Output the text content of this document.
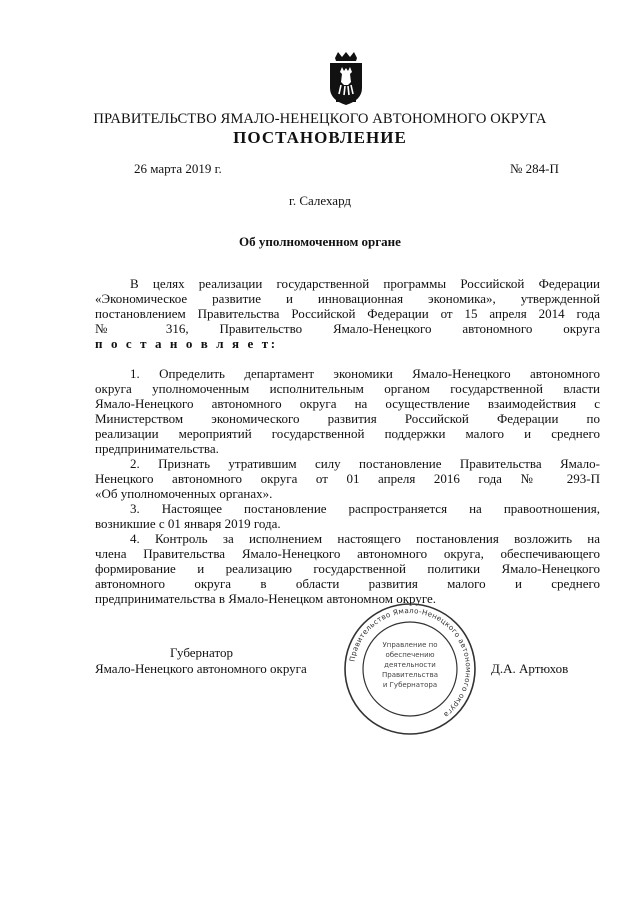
ПРАВИТЕЛЬСТВО ЯМАЛО-НЕНЕЦКОГО АВТОНОМНОГО ОКРУГА
ПОСТАНОВЛЕНИЕ
26 марта 2019 г.	№ 284-П
г. Салехард
Об уполномоченном органе
В целях реализации государственной программы Российской Федерации
«Экономическое развитие и инновационная экономика», утвержденной
постановлением Правительства Российской Федерации от 15 апреля 2014 года
№ 316, Правительство Ямало-Ненецкого автономного округа
п о с т а н о в л я е т:
1. Определить департамент экономики Ямало-Ненецкого автономного
округа уполномоченным исполнительным органом государственной власти
Ямало-Ненецкого автономного округа на осуществление взаимодействия с
Министерством экономического развития Российской Федерации по
реализации мероприятий государственной поддержки малого и среднего
предпринимательства.
2. Признать утратившим силу постановление Правительства Ямало-
Ненецкого автономного округа от 01 апреля 2016 года № 293-П
«Об уполномоченных органах».
3. Настоящее постановление распространяется на правоотношения,
возникшие с 01 января 2019 года.
4. Контроль за исполнением настоящего постановления возложить на
члена Правительства Ямало-Ненецкого автономного округа, обеспечивающего
формирование и реализацию государственной политики Ямало-Ненецкого
автономного округа в области развития малого и среднего
предпринимательства в Ямало-Ненецком автономном округе.
Губернатор
Ямало-Ненецкого автономного округа	Д.А. Артюхов
Правительство Ямало-Ненецкого автономного округа
Управление по
обеспечению
деятельности
Правительства
и Губернатора
